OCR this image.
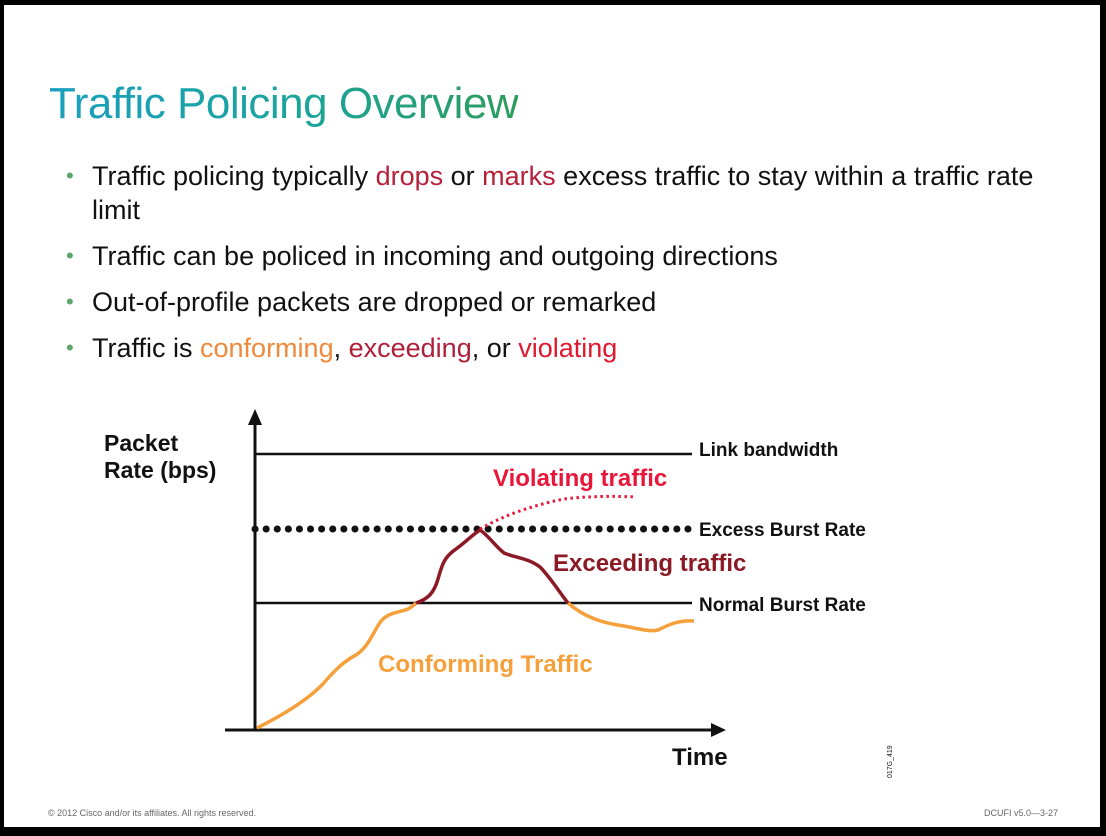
Traffic Policing Overview
• Traffic policing typically drops or marks excess traffic to stay within a traffic rate limit
• Traffic can be policed in incoming and outgoing directions
• Out-of-profile packets are dropped or remarked
• Traffic is conforming, exceeding, or violating
Packet
Rate (bps)
Link bandwidth
Excess Burst Rate
Normal Burst Rate
Violating traffic
Exceeding traffic
Conforming Traffic
Time	017G_419
© 2012 Cisco and/or its affiliates. All rights reserved.	DCUFI v5.0—3-27
